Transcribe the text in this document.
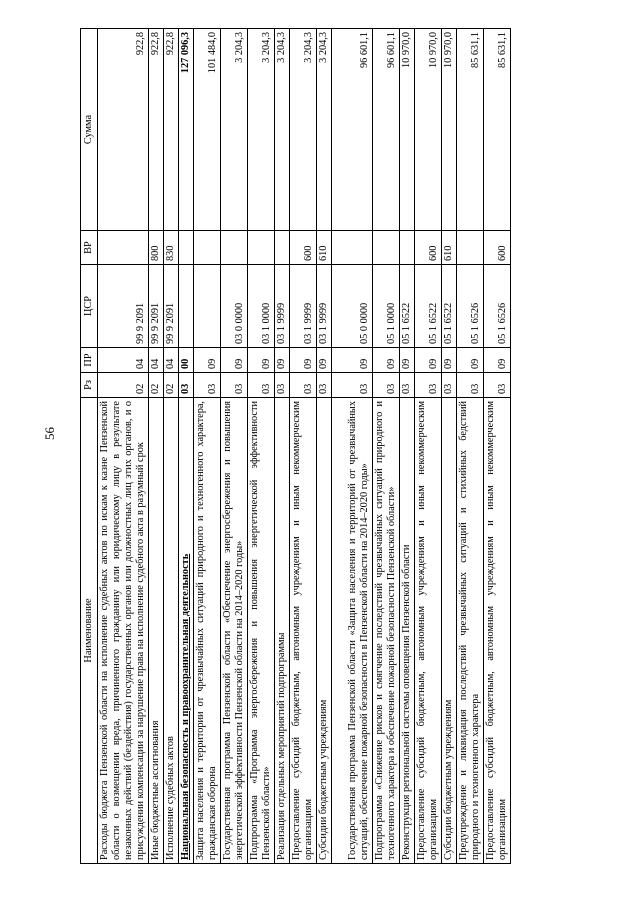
56
Наименование	Рз	ПР	ЦСР	ВР	Сумма
Расходы бюджета Пензенской области на исполнение судебных актов по искам к казне Пензенской области о возмещении вреда, причиненного гражданину или юридическому лицу в результате незаконных действий (бездействия) государственных органов или должностных лиц этих органов, и о присуждении компенсации за нарушение права на исполнение судебного акта в разумный срок	02	04	99 9 2091		922,8
Иные бюджетные ассигнования	02	04	99 9 2091	800	922,8
Исполнение судебных актов	02	04	99 9 2091	830	922,8
Национальная безопасность и правоохранительная деятельность	03	00			127 096,3
Защита населения и территории от чрезвычайных ситуаций природного и техногенного характера, гражданская оборона	03	09			101 484,0
Государственная программа Пензенской области «Обеспечение энергосбережения и повышения энергетической эффективности Пензенской области на 2014–2020 годы»	03	09	03 0 0000		3 204,3
Подпрограмма «Программа энергосбережения и повышения энергетической эффективности Пензенской области»	03	09	03 1 0000		3 204,3
Реализация отдельных мероприятий подпрограммы	03	09	03 1 9999		3 204,3
Предоставление субсидий бюджетным, автономным учреждениям и иным некоммерческим организациям	03	09	03 1 9999	600	3 204,3
Субсидии бюджетным учреждениям	03	09	03 1 9999	610	3 204,3
Государственная программа Пензенской области «Защита населения и территорий от чрезвычайных ситуаций, обеспечение пожарной безопасности в Пензенской области на 2014–2020 годы»	03	09	05 0 0000		96 601,1
Подпрограмма «Снижение рисков и смягчение последствий чрезвычайных ситуаций природного и техногенного характера и обеспечение пожарной безопасности Пензенской области»	03	09	05 1 0000		96 601,1
Реконструкция региональной системы оповещения Пензенской области	03	09	05 1 6522		10 970,0
Предоставление субсидий бюджетным, автономным учреждениям и иным некоммерческим организациям	03	09	05 1 6522	600	10 970,0
Субсидии бюджетным учреждениям	03	09	05 1 6522	610	10 970,0
Предупреждение и ликвидация последствий чрезвычайных ситуаций и стихийных бедствий природного и техногенного характера	03	09	05 1 6526		85 631,1
Предоставление субсидий бюджетным, автономным учреждениям и иным некоммерческим организациям	03	09	05 1 6526	600	85 631,1
